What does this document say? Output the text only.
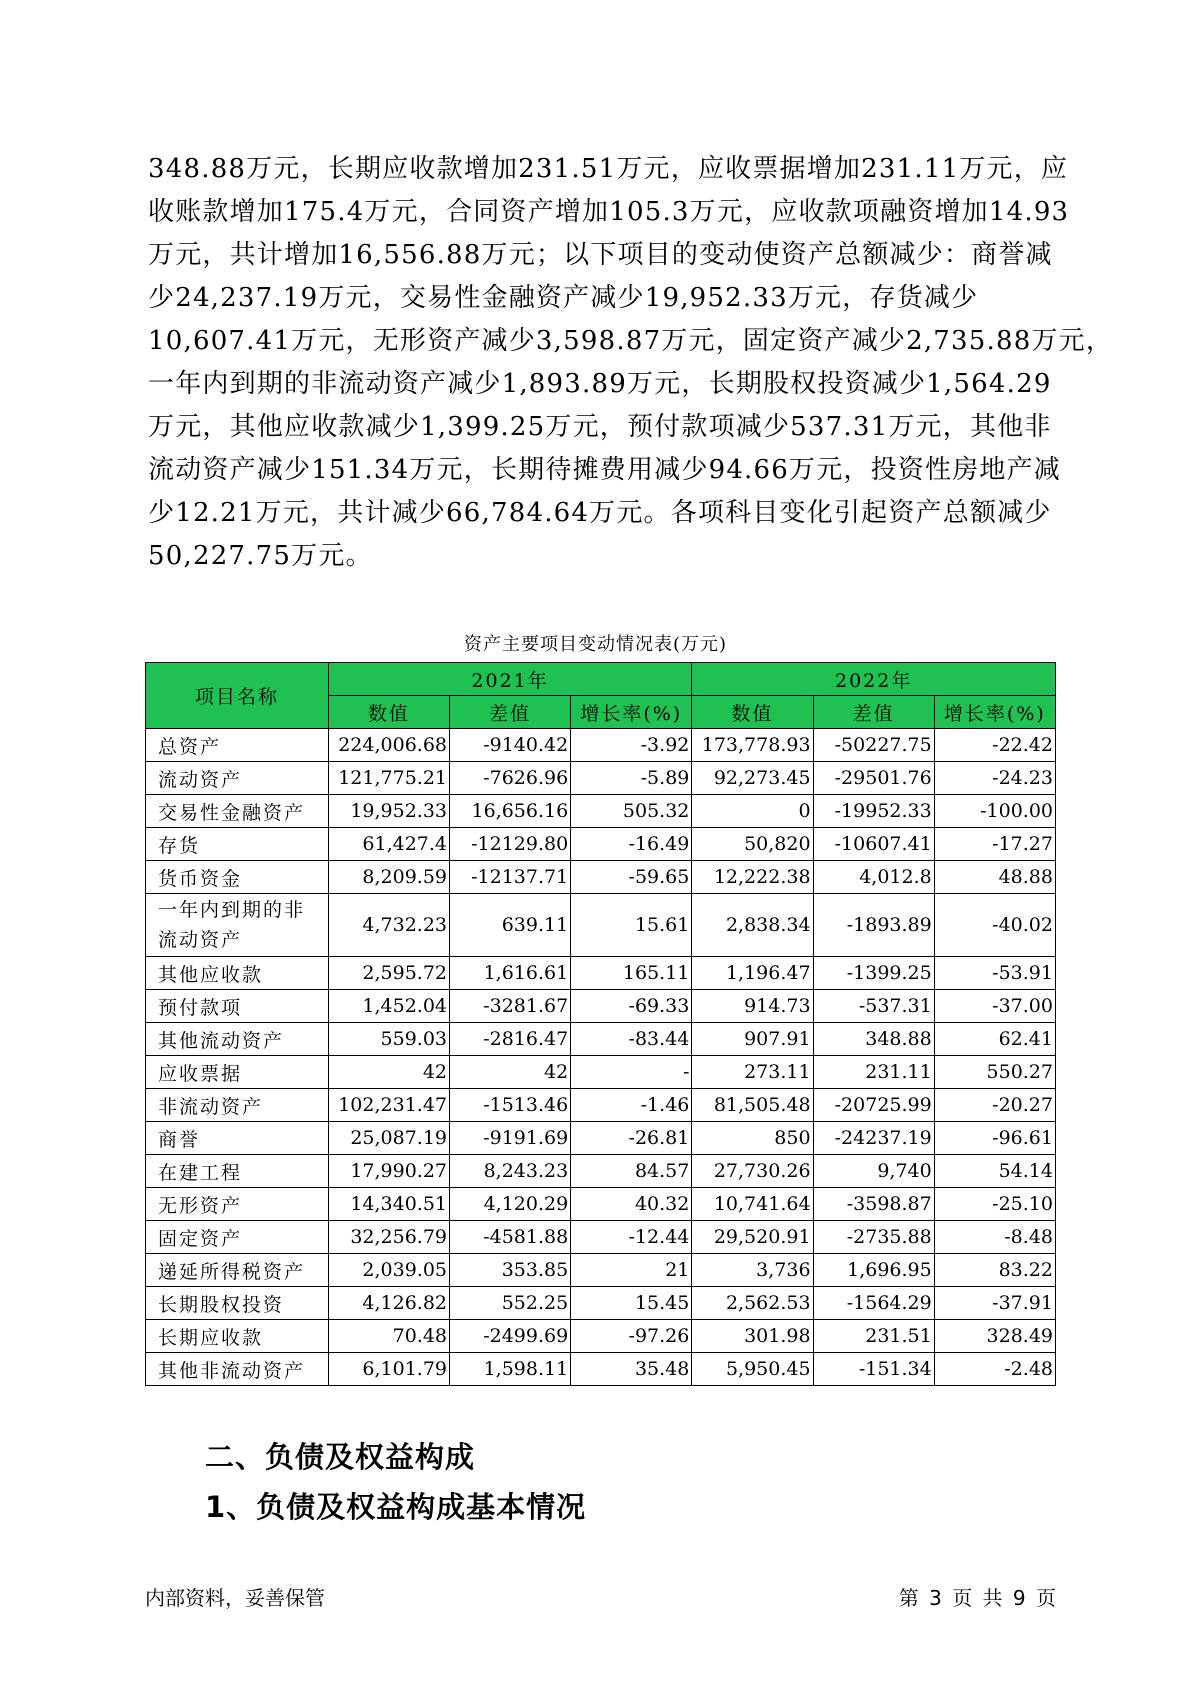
348.88万元，长期应收款增加231.51万元，应收票据增加231.11万元，应
收账款增加175.4万元，合同资产增加105.3万元，应收款项融资增加14.93
万元，共计增加16,556.88万元；以下项目的变动使资产总额减少：商誉减
少24,237.19万元，交易性金融资产减少19,952.33万元，存货减少
10,607.41万元，无形资产减少3,598.87万元，固定资产减少2,735.88万元，
一年内到期的非流动资产减少1,893.89万元，长期股权投资减少1,564.29
万元，其他应收款减少1,399.25万元，预付款项减少537.31万元，其他非
流动资产减少151.34万元，长期待摊费用减少94.66万元，投资性房地产减
少12.21万元，共计减少66,784.64万元。各项科目变化引起资产总额减少
50,227.75万元。
资产主要项目变动情况表(万元)
项目名称	2021年			2022年		
	数值	差值	增长率(%)	数值	差值	增长率(%)
总资产	224,006.68	-9140.42	-3.92	173,778.93	-50227.75	-22.42
流动资产	121,775.21	-7626.96	-5.89	92,273.45	-29501.76	-24.23
交易性金融资产	19,952.33	16,656.16	505.32	0	-19952.33	-100.00
存货	61,427.4	-12129.80	-16.49	50,820	-10607.41	-17.27
货币资金	8,209.59	-12137.71	-59.65	12,222.38	4,012.8	48.88
一年内到期的非流动资产	4,732.23	639.11	15.61	2,838.34	-1893.89	-40.02
其他应收款	2,595.72	1,616.61	165.11	1,196.47	-1399.25	-53.91
预付款项	1,452.04	-3281.67	-69.33	914.73	-537.31	-37.00
其他流动资产	559.03	-2816.47	-83.44	907.91	348.88	62.41
应收票据	42	42	-	273.11	231.11	550.27
非流动资产	102,231.47	-1513.46	-1.46	81,505.48	-20725.99	-20.27
商誉	25,087.19	-9191.69	-26.81	850	-24237.19	-96.61
在建工程	17,990.27	8,243.23	84.57	27,730.26	9,740	54.14
无形资产	14,340.51	4,120.29	40.32	10,741.64	-3598.87	-25.10
固定资产	32,256.79	-4581.88	-12.44	29,520.91	-2735.88	-8.48
递延所得税资产	2,039.05	353.85	21	3,736	1,696.95	83.22
长期股权投资	4,126.82	552.25	15.45	2,562.53	-1564.29	-37.91
长期应收款	70.48	-2499.69	-97.26	301.98	231.51	328.49
其他非流动资产	6,101.79	1,598.11	35.48	5,950.45	-151.34	-2.48
二、负债及权益构成
1、负债及权益构成基本情况
内部资料，妥善保管	第 3 页 共 9 页
